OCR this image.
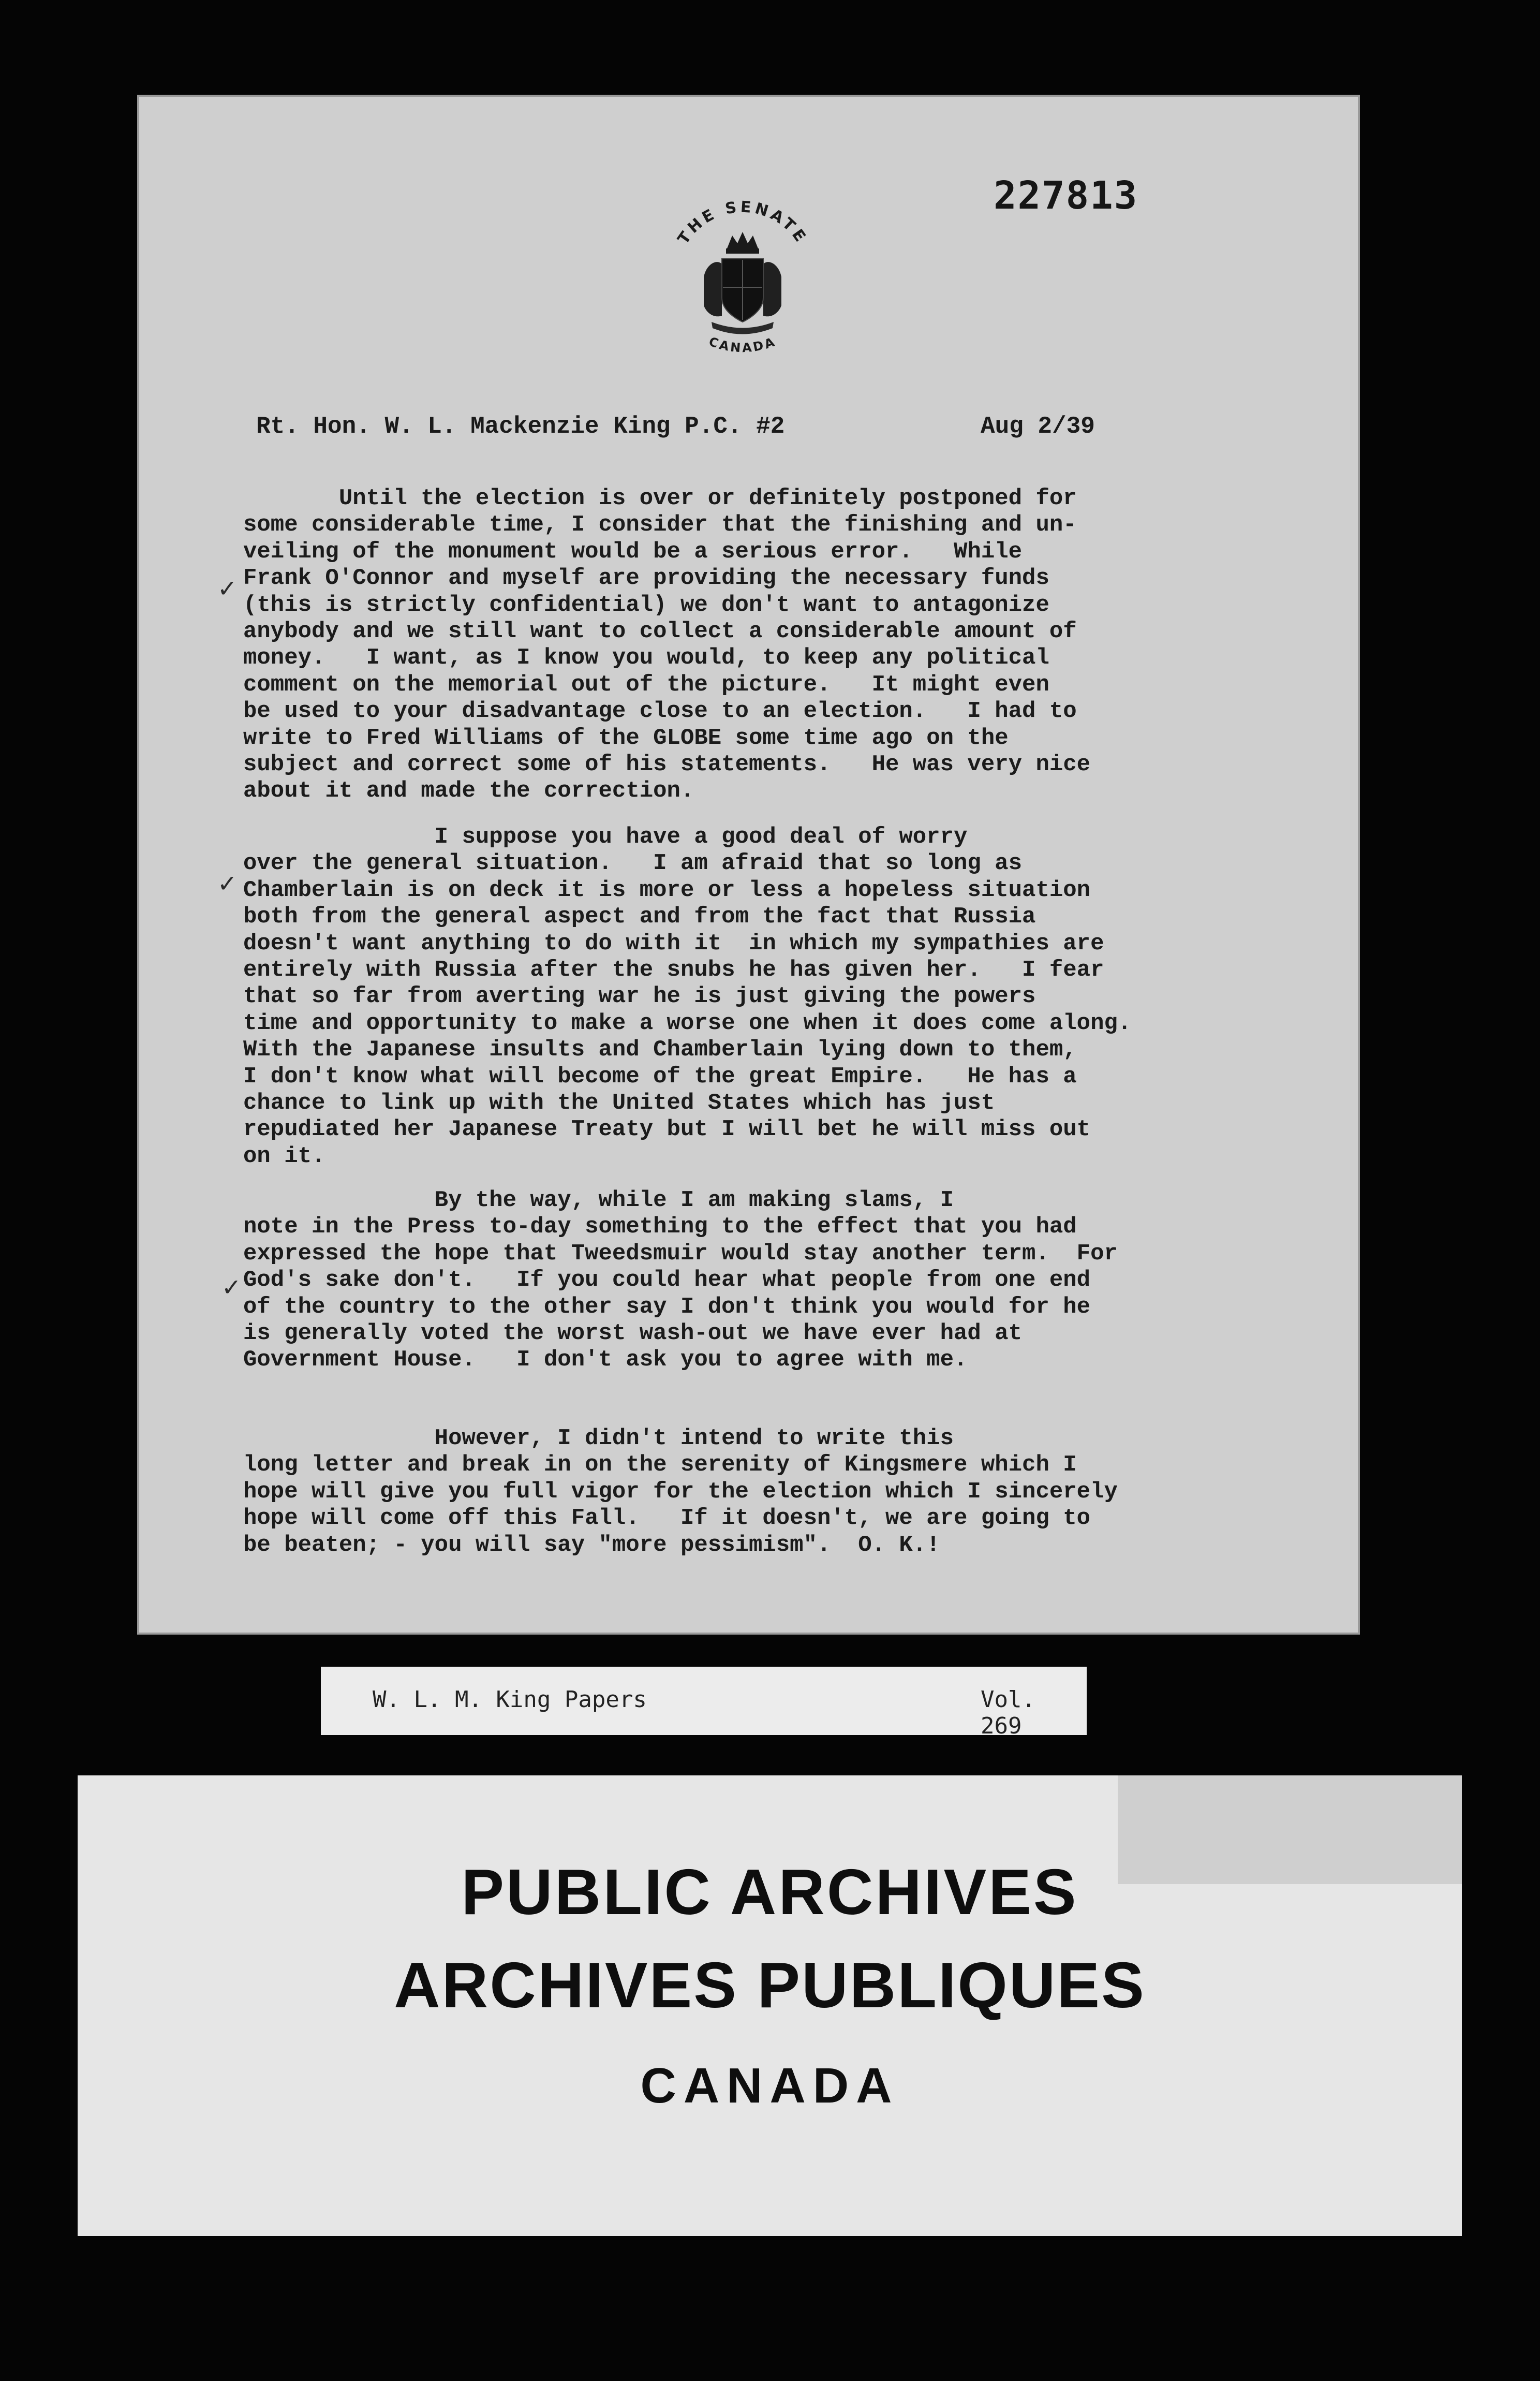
227813
THE SENATE
CANADA
Rt. Hon. W. L. Mackenzie King P.C. #2	Aug 2/39
Until the election is over or definitely postponed for
some considerable time, I consider that the finishing and un-
veiling of the monument would be a serious error.   While
Frank O'Connor and myself are providing the necessary funds
(this is strictly confidential) we don't want to antagonize
anybody and we still want to collect a considerable amount of
money.   I want, as I know you would, to keep any political
comment on the memorial out of the picture.   It might even
be used to your disadvantage close to an election.   I had to
write to Fred Williams of the GLOBE some time ago on the
subject and correct some of his statements.   He was very nice
about it and made the correction.
I suppose you have a good deal of worry
over the general situation.   I am afraid that so long as
Chamberlain is on deck it is more or less a hopeless situation
both from the general aspect and from the fact that Russia
doesn't want anything to do with it  in which my sympathies are
entirely with Russia after the snubs he has given her.   I fear
that so far from averting war he is just giving the powers
time and opportunity to make a worse one when it does come along.
With the Japanese insults and Chamberlain lying down to them,
I don't know what will become of the great Empire.   He has a
chance to link up with the United States which has just
repudiated her Japanese Treaty but I will bet he will miss out
on it.
By the way, while I am making slams, I
note in the Press to-day something to the effect that you had
expressed the hope that Tweedsmuir would stay another term.  For
God's sake don't.   If you could hear what people from one end
of the country to the other say I don't think you would for he
is generally voted the worst wash-out we have ever had at
Government House.   I don't ask you to agree with me.
However, I didn't intend to write this
long letter and break in on the serenity of Kingsmere which I
hope will give you full vigor for the election which I sincerely
hope will come off this Fall.   If it doesn't, we are going to
be beaten; - you will say "more pessimism".  O. K.!
✓
✓
✓
W. L. M. King Papers	Vol. 269
PUBLIC ARCHIVES
ARCHIVES PUBLIQUES
CANADA
